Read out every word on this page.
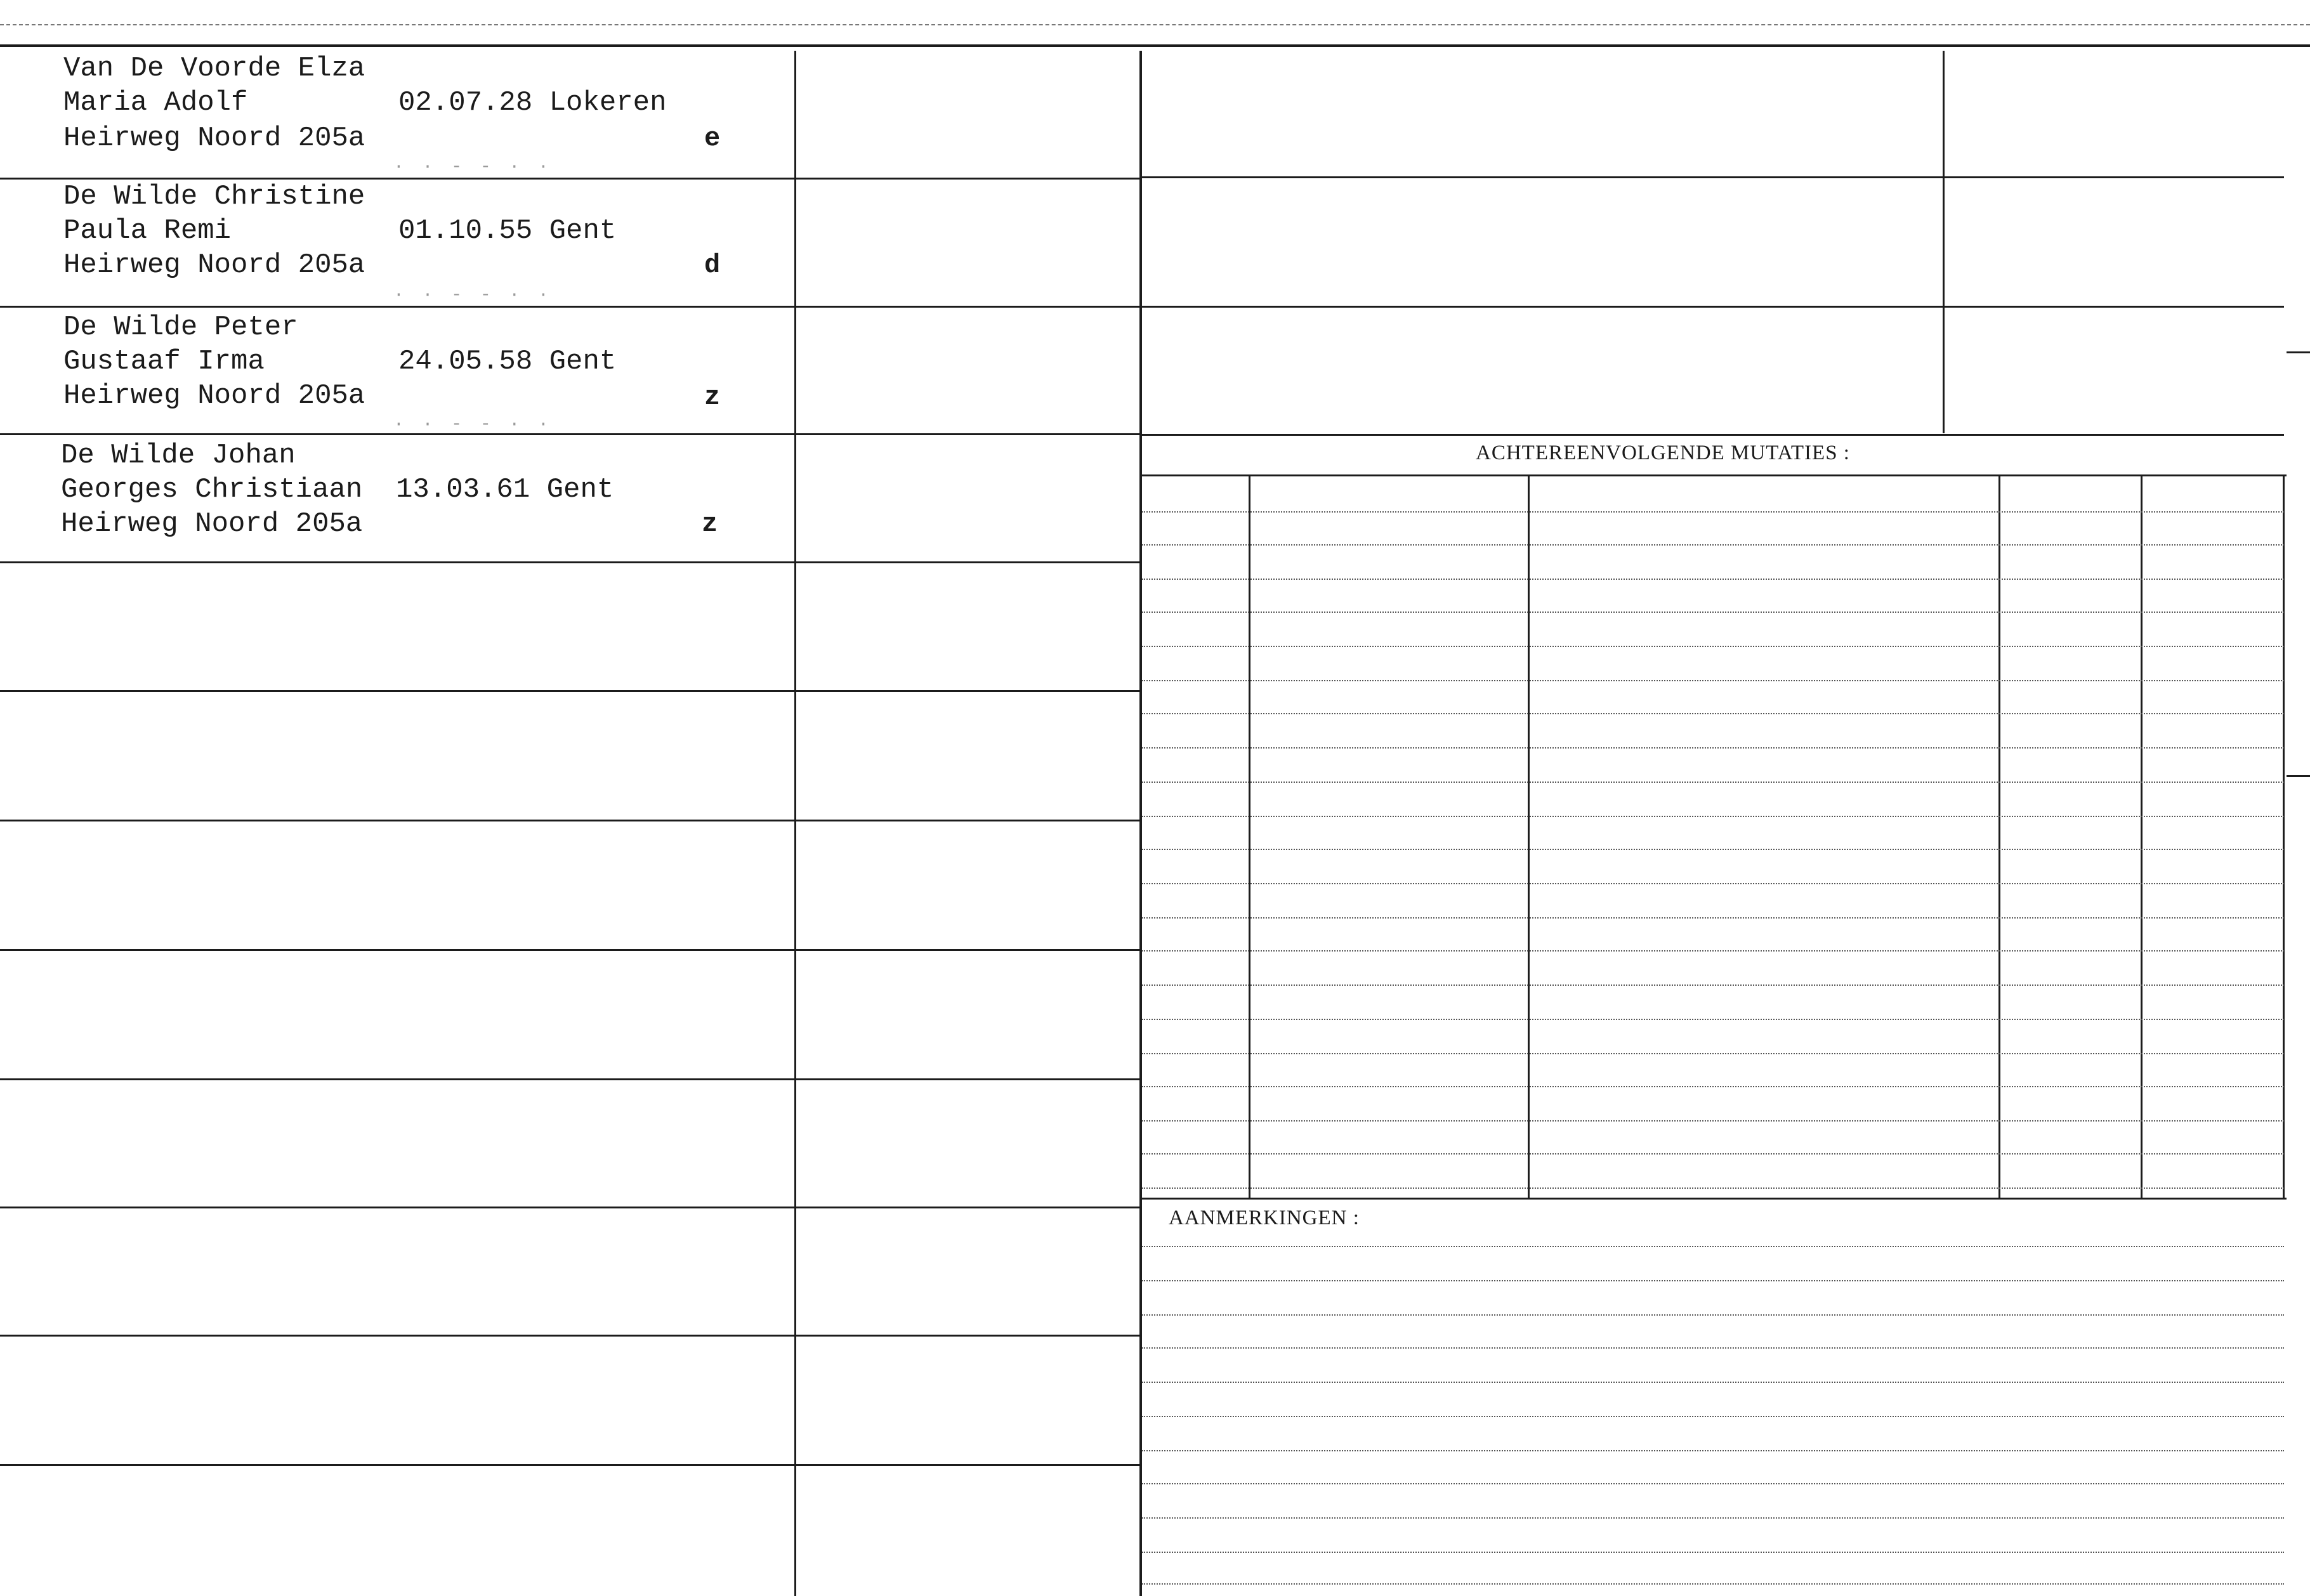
ACHTEREENVOLGENDE MUTATIES :
AANMERKINGEN :
· · - - · ·
· · - - · ·
· · - - · ·
Van De Voorde Elza
Maria Adolf
Heirweg Noord 205a
02.07.28 Lokeren
e
De Wilde Christine
Paula Remi
Heirweg Noord 205a
01.10.55 Gent
d
De Wilde Peter
Gustaaf Irma
Heirweg Noord 205a
24.05.58 Gent
z
De Wilde Johan
Georges Christiaan
Heirweg Noord 205a
13.03.61 Gent
z
